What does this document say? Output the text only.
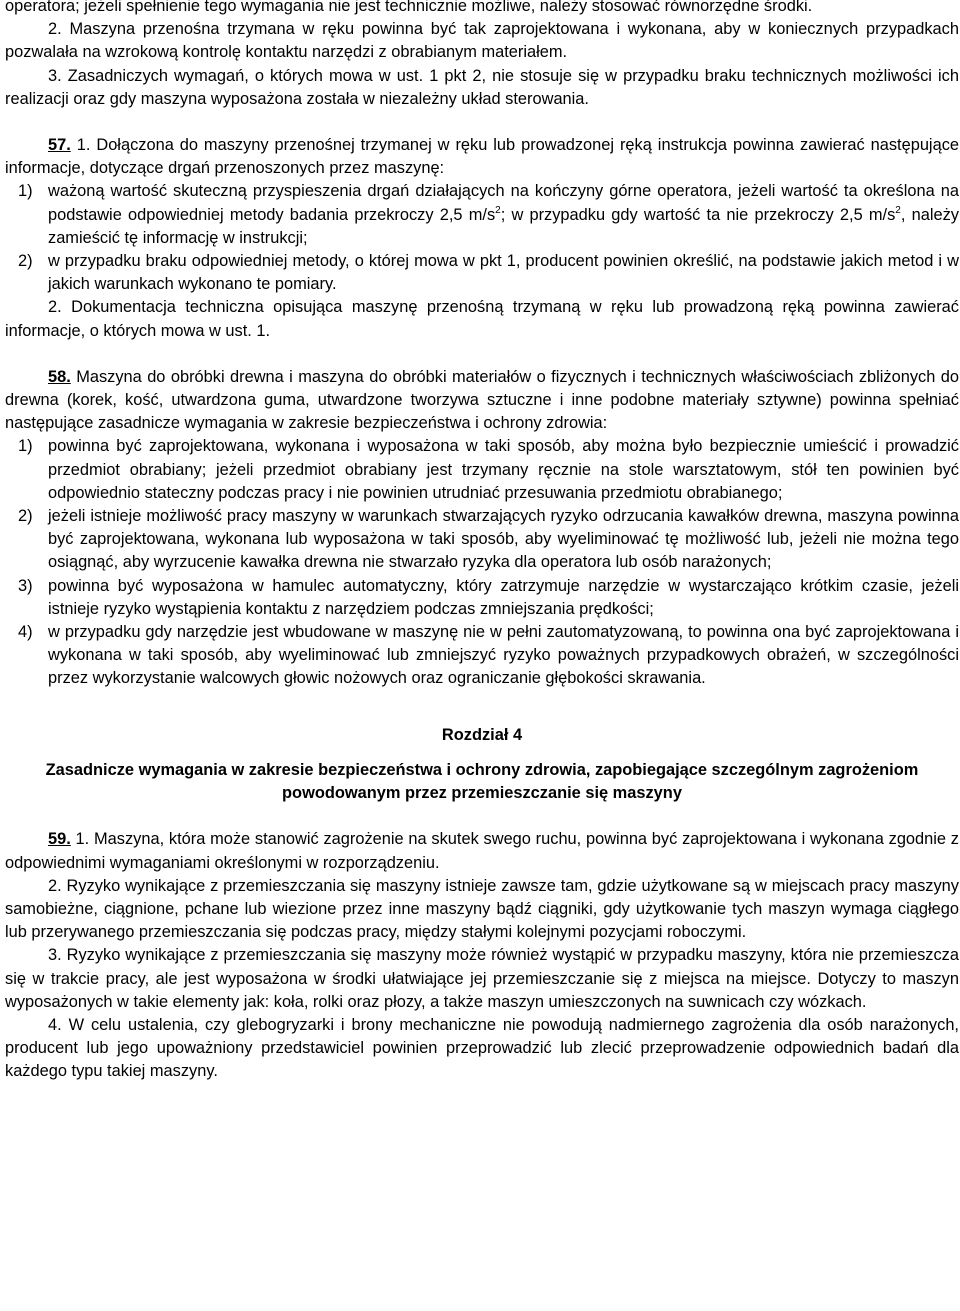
operatora; jeżeli spełnienie tego wymagania nie jest technicznie możliwe, należy stosować równorzędne środki.

2. Maszyna przenośna trzymana w ręku powinna być tak zaprojektowana i wykonana, aby w koniecznych przypadkach pozwalała na wzrokową kontrolę kontaktu narzędzi z obrabianym materiałem.

3. Zasadniczych wymagań, o których mowa w ust. 1 pkt 2, nie stosuje się w przypadku braku technicznych możliwości ich realizacji oraz gdy maszyna wyposażona została w niezależny układ sterowania.

57. 1. Dołączona do maszyny przenośnej trzymanej w ręku lub prowadzonej ręką instrukcja powinna zawierać następujące informacje, dotyczące drgań przenoszonych przez maszynę:

1) ważoną wartość skuteczną przyspieszenia drgań działających na kończyny górne operatora, jeżeli wartość ta określona na podstawie odpowiedniej metody badania przekroczy 2,5 $m/s^2$; w przypadku gdy wartość ta nie przekroczy 2,5 $m/s^2$, należy zamieścić tę informację w instrukcji;
2) w przypadku braku odpowiedniej metody, o której mowa w pkt 1, producent powinien określić, na podstawie jakich metod i w jakich warunkach wykonano te pomiary.

2. Dokumentacja techniczna opisująca maszynę przenośną trzymaną w ręku lub prowadzoną ręką powinna zawierać informacje, o których mowa w ust. 1.

58. Maszyna do obróbki drewna i maszyna do obróbki materiałów o fizycznych i technicznych właściwościach zbliżonych do drewna (korek, kość, utwardzona guma, utwardzone tworzywa sztuczne i inne podobne materiały sztywne) powinna spełniać następujące zasadnicze wymagania w zakresie bezpieczeństwa i ochrony zdrowia:

1) powinna być zaprojektowana, wykonana i wyposażona w taki sposób, aby można było bezpiecznie umieścić i prowadzić przedmiot obrabiany; jeżeli przedmiot obrabiany jest trzymany ręcznie na stole warsztatowym, stół ten powinien być odpowiednio stateczny podczas pracy i nie powinien utrudniać przesuwania przedmiotu obrabianego;
2) jeżeli istnieje możliwość pracy maszyny w warunkach stwarzających ryzyko odrzucania kawałków drewna, maszyna powinna być zaprojektowana, wykonana lub wyposażona w taki sposób, aby wyeliminować tę możliwość lub, jeżeli nie można tego osiągnąć, aby wyrzucenie kawałka drewna nie stwarzało ryzyka dla operatora lub osób narażonych;
3) powinna być wyposażona w hamulec automatyczny, który zatrzymuje narzędzie w wystarczająco krótkim czasie, jeżeli istnieje ryzyko wystąpienia kontaktu z narzędziem podczas zmniejszania prędkości;
4) w przypadku gdy narzędzie jest wbudowane w maszynę nie w pełni zautomatyzowaną, to powinna ona być zaprojektowana i wykonana w taki sposób, aby wyeliminować lub zmniejszyć ryzyko poważnych przypadkowych obrażeń, w szczególności przez wykorzystanie walcowych głowic nożowych oraz ograniczanie głębokości skrawania.

Rozdział 4

Zasadnicze wymagania w zakresie bezpieczeństwa i ochrony zdrowia, zapobiegające szczególnym zagrożeniom powodowanym przez przemieszczanie się maszyny

59. 1. Maszyna, która może stanowić zagrożenie na skutek swego ruchu, powinna być zaprojektowana i wykonana zgodnie z odpowiednimi wymaganiami określonymi w rozporządzeniu.

2. Ryzyko wynikające z przemieszczania się maszyny istnieje zawsze tam, gdzie użytkowane są w miejscach pracy maszyny samobieżne, ciągnione, pchane lub wiezione przez inne maszyny bądź ciągniki, gdy użytkowanie tych maszyn wymaga ciągłego lub przerywanego przemieszczania się podczas pracy, między stałymi kolejnymi pozycjami roboczymi.

3. Ryzyko wynikające z przemieszczania się maszyny może również wystąpić w przypadku maszyny, która nie przemieszcza się w trakcie pracy, ale jest wyposażona w środki ułatwiające jej przemieszczanie się z miejsca na miejsce. Dotyczy to maszyn wyposażonych w takie elementy jak: koła, rolki oraz płozy, a także maszyn umieszczonych na suwnicach czy wózkach.

4. W celu ustalenia, czy glebogryzarki i brony mechaniczne nie powodują nadmiernego zagrożenia dla osób narażonych, producent lub jego upoważniony przedstawiciel powinien przeprowadzić lub zlecić przeprowadzenie odpowiednich badań dla każdego typu takiej maszyny.
